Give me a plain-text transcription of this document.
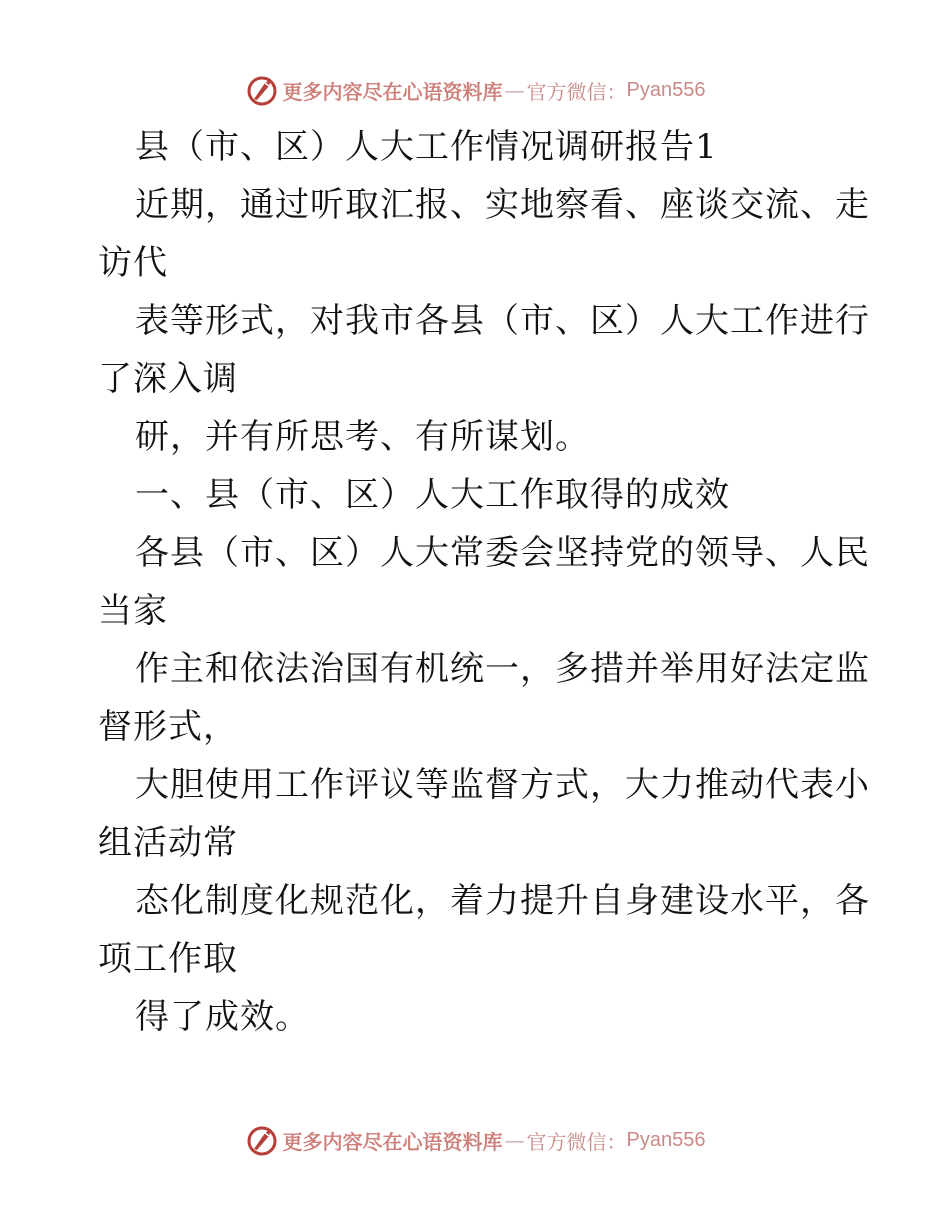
更多内容尽在心语资料库 — 官方微信： Pyan556
县（市、区）人大工作情况调研报告1
近期，通过听取汇报、实地察看、座谈交流、走
访代
表等形式，对我市各县（市、区）人大工作进行
了深入调
研，并有所思考、有所谋划。
一、县（市、区）人大工作取得的成效
各县（市、区）人大常委会坚持党的领导、人民
当家
作主和依法治国有机统一，多措并举用好法定监
督形式，
大胆使用工作评议等监督方式，大力推动代表小
组活动常
态化制度化规范化，着力提升自身建设水平，各
项工作取
得了成效。
更多内容尽在心语资料库 — 官方微信： Pyan556
